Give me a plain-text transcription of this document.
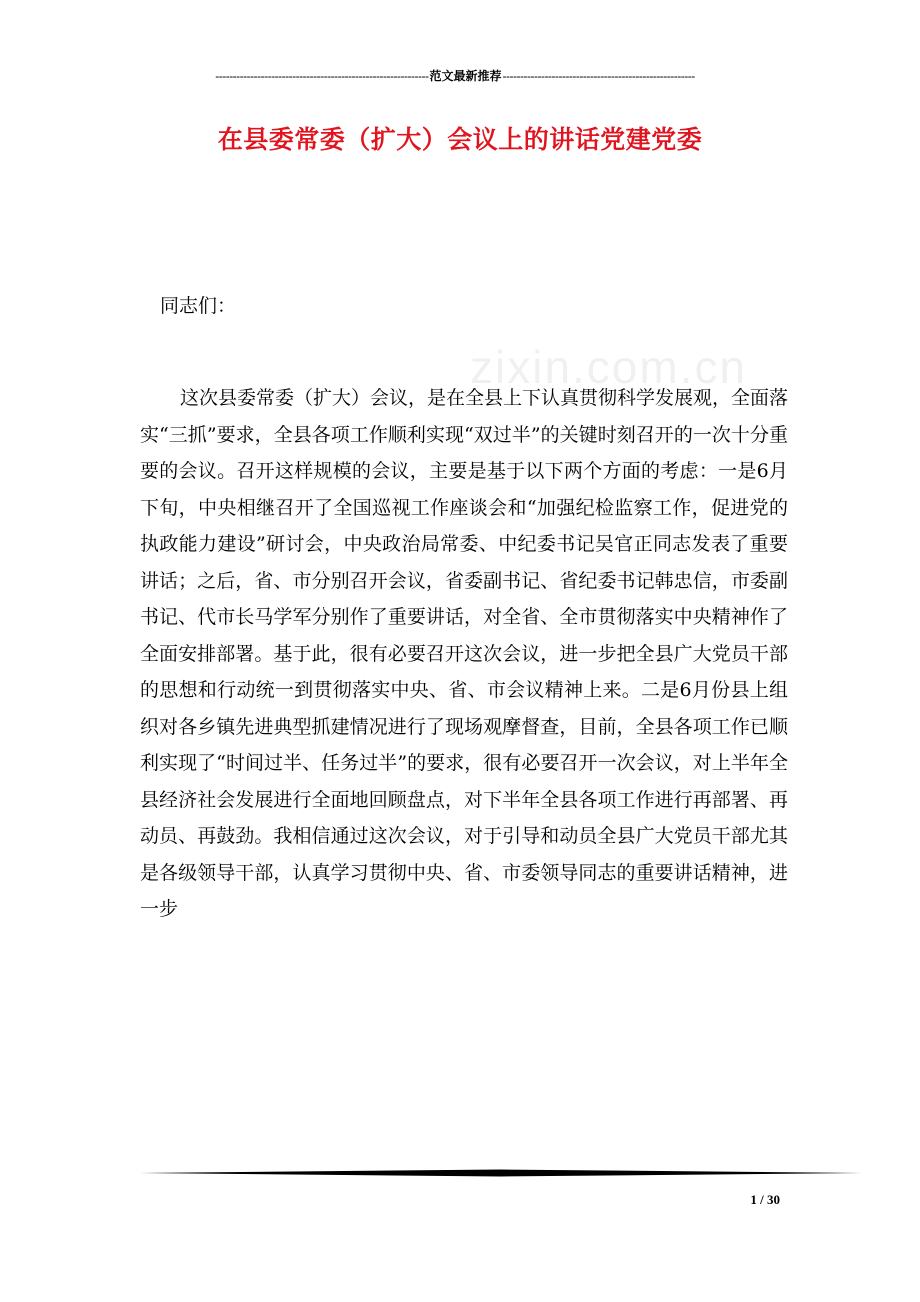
-------------------------------------------------------------范文最新推荐-------------------------------------------------------
在县委常委（扩大）会议上的讲话党建党委
zixin.com.cn
同志们：

这次县委常委（扩大）会议，是在全县上下认真贯彻科学发展观，全面落实“三抓”要求，全县各项工作顺利实现“双过半”的关键时刻召开的一次十分重要的会议。召开这样规模的会议，主要是基于以下两个方面的考虑：一是6月下旬，中央相继召开了全国巡视工作座谈会和“加强纪检监察工作，促进党的执政能力建设”研讨会，中央政治局常委、中纪委书记吴官正同志发表了重要讲话；之后，省、市分别召开会议，省委副书记、省纪委书记韩忠信，市委副书记、代市长马学军分别作了重要讲话，对全省、全市贯彻落实中央精神作了全面安排部署。基于此，很有必要召开这次会议，进一步把全县广大党员干部的思想和行动统一到贯彻落实中央、省、市会议精神上来。二是6月份县上组织对各乡镇先进典型抓建情况进行了现场观摩督查，目前，全县各项工作已顺利实现了“时间过半、任务过半”的要求，很有必要召开一次会议，对上半年全县经济社会发展进行全面地回顾盘点，对下半年全县各项工作进行再部署、再动员、再鼓劲。我相信通过这次会议，对于引导和动员全县广大党员干部尤其是各级领导干部，认真学习贯彻中央、省、市委领导同志的重要讲话精神，进一步

1 / 30
